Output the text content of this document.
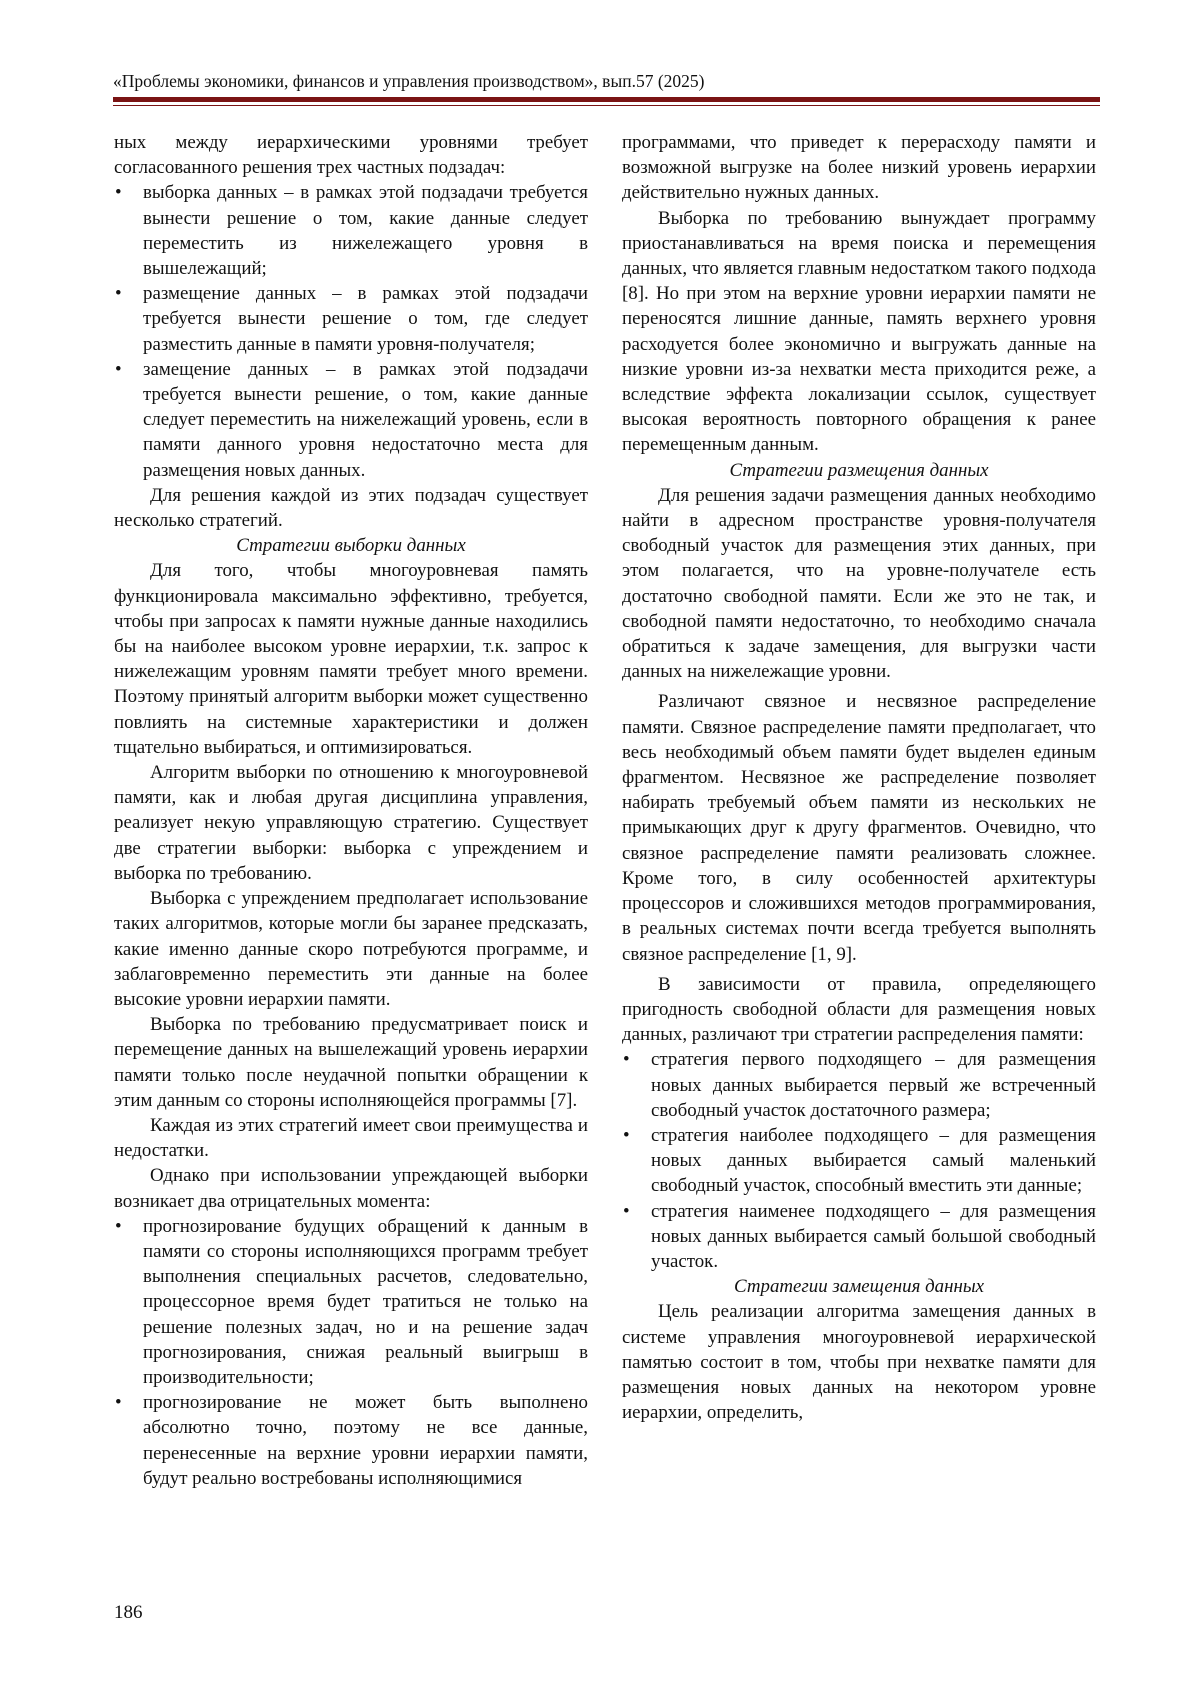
«Проблемы экономики, финансов и управления производством», вып.57 (2025)

ных между иерархическими уровнями требует согласованного решения трех частных подзадач:

• выборка данных – в рамках этой подзадачи требуется вынести решение о том, какие данные следует переместить из нижележащего уровня в вышележащий;
• размещение данных – в рамках этой подзадачи требуется вынести решение о том, где следует разместить данные в памяти уровня-получателя;
• замещение данных – в рамках этой подзадачи требуется вынести решение, о том, какие данные следует переместить на нижележащий уровень, если в памяти данного уровня недостаточно места для размещения новых данных.

Для решения каждой из этих подзадач существует несколько стратегий.

Стратегии выборки данных

Для того, чтобы многоуровневая память функционировала максимально эффективно, требуется, чтобы при запросах к памяти нужные данные находились бы на наиболее высоком уровне иерархии, т.к. запрос к нижележащим уровням памяти требует много времени. Поэтому принятый алгоритм выборки может существенно повлиять на системные характеристики и должен тщательно выбираться, и оптимизироваться.

Алгоритм выборки по отношению к многоуровневой памяти, как и любая другая дисциплина управления, реализует некую управляющую стратегию. Существует две стратегии выборки: выборка с упреждением и выборка по требованию.

Выборка с упреждением предполагает использование таких алгоритмов, которые могли бы заранее предсказать, какие именно данные скоро потребуются программе, и заблаговременно переместить эти данные на более высокие уровни иерархии памяти.

Выборка по требованию предусматривает поиск и перемещение данных на вышележащий уровень иерархии памяти только после неудачной попытки обращении к этим данным со стороны исполняющейся программы [7].

Каждая из этих стратегий имеет свои преимущества и недостатки.

Однако при использовании упреждающей выборки возникает два отрицательных момента:

• прогнозирование будущих обращений к данным в памяти со стороны исполняющихся программ требует выполнения специальных расчетов, следовательно, процессорное время будет тратиться не только на решение полезных задач, но и на решение задач прогнозирования, снижая реальный выигрыш в производительности;
• прогнозирование не может быть выполнено абсолютно точно, поэтому не все данные, перенесенные на верхние уровни иерархии памяти, будут реально востребованы исполняющимися

программами, что приведет к перерасходу памяти и возможной выгрузке на более низкий уровень иерархии действительно нужных данных.

Выборка по требованию вынуждает программу приостанавливаться на время поиска и перемещения данных, что является главным недостатком такого подхода [8]. Но при этом на верхние уровни иерархии памяти не переносятся лишние данные, память верхнего уровня расходуется более экономично и выгружать данные на низкие уровни из-за нехватки места приходится реже, а вследствие эффекта локализации ссылок, существует высокая вероятность повторного обращения к ранее перемещенным данным.

Стратегии размещения данных

Для решения задачи размещения данных необходимо найти в адресном пространстве уровня-получателя свободный участок для размещения этих данных, при этом полагается, что на уровне-получателе есть достаточно свободной памяти. Если же это не так, и свободной памяти недостаточно, то необходимо сначала обратиться к задаче замещения, для выгрузки части данных на нижележащие уровни.

Различают связное и несвязное распределение памяти. Связное распределение памяти предполагает, что весь необходимый объем памяти будет выделен единым фрагментом. Несвязное же распределение позволяет набирать требуемый объем памяти из нескольких не примыкающих друг к другу фрагментов. Очевидно, что связное распределение памяти реализовать сложнее. Кроме того, в силу особенностей архитектуры процессоров и сложившихся методов программирования, в реальных системах почти всегда требуется выполнять связное распределение [1, 9].

В зависимости от правила, определяющего пригодность свободной области для размещения новых данных, различают три стратегии распределения памяти:

• стратегия первого подходящего – для размещения новых данных выбирается первый же встреченный свободный участок достаточного размера;
• стратегия наиболее подходящего – для размещения новых данных выбирается самый маленький свободный участок, способный вместить эти данные;
• стратегия наименее подходящего – для размещения новых данных выбирается самый большой свободный участок.

Стратегии замещения данных

Цель реализации алгоритма замещения данных в системе управления многоуровневой иерархической памятью состоит в том, чтобы при нехватке памяти для размещения новых данных на некотором уровне иерархии, определить,

186
